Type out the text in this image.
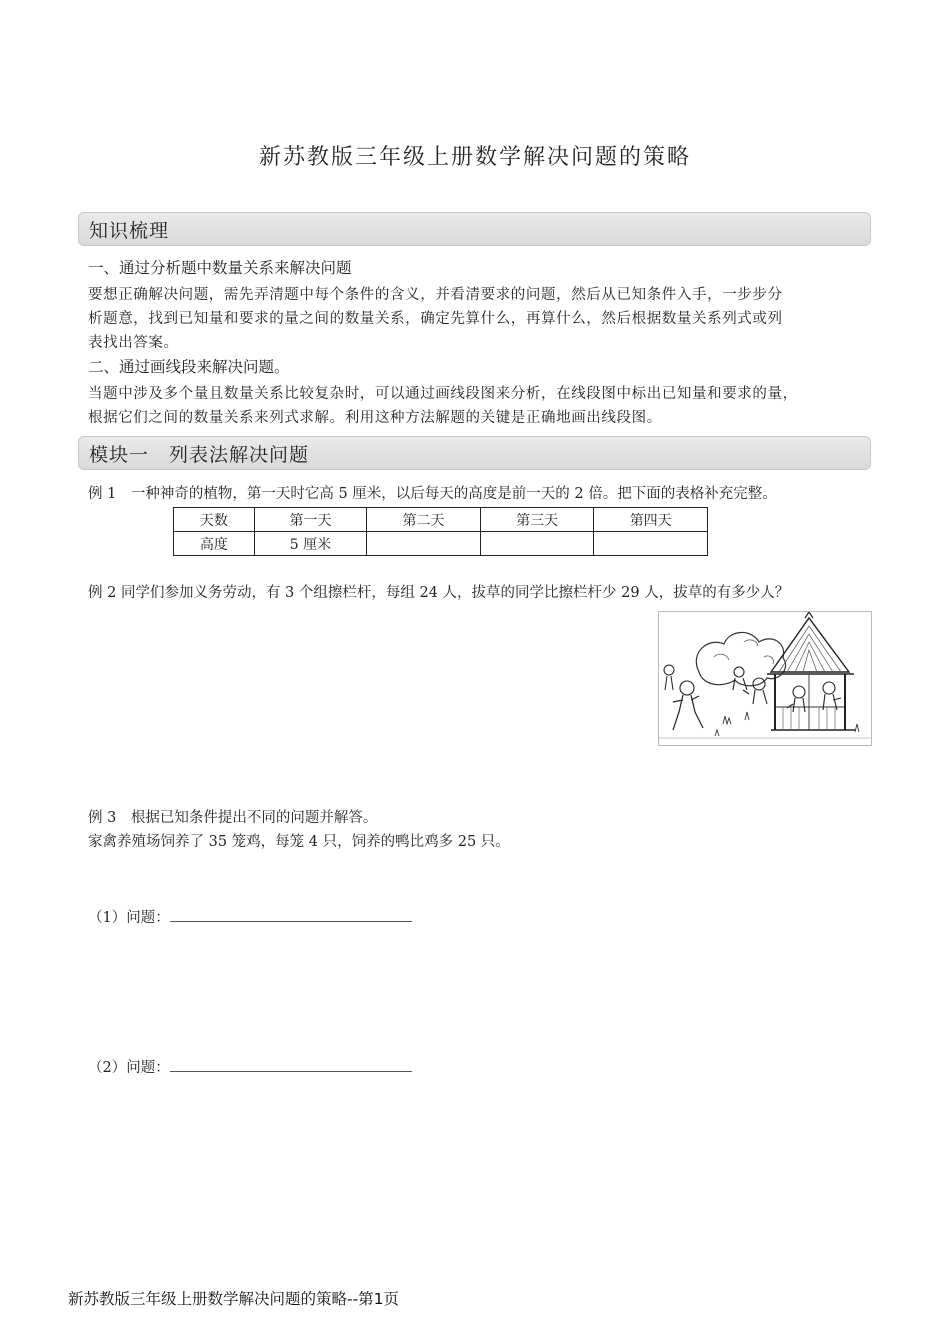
新苏教版三年级上册数学解决问题的策略
知识梳理
一、通过分析题中数量关系来解决问题
要想正确解决问题，需先弄清题中每个条件的含义，并看清要求的问题，然后从已知条件入手，一步步分
析题意，找到已知量和要求的量之间的数量关系，确定先算什么，再算什么，然后根据数量关系列式或列
表找出答案。
二、通过画线段来解决问题。
当题中涉及多个量且数量关系比较复杂时，可以通过画线段图来分析，在线段图中标出已知量和要求的量，
根据它们之间的数量关系来列式求解。利用这种方法解题的关键是正确地画出线段图。
模块一　列表法解决问题
例 1　一种神奇的植物，第一天时它高 5 厘米，以后每天的高度是前一天的 2 倍。把下面的表格补充完整。
天数	第一天	第二天	第三天	第四天
高度	5 厘米			
例 2 同学们参加义务劳动，有 3 个组擦栏杆，每组 24 人，拔草的同学比擦栏杆少 29 人，拔草的有多少人？
例 3　根据已知条件提出不同的问题并解答。
家禽养殖场饲养了 35 笼鸡，每笼 4 只，饲养的鸭比鸡多 25 只。
（1）问题：
（2）问题：
新苏教版三年级上册数学解决问题的策略--第1页
